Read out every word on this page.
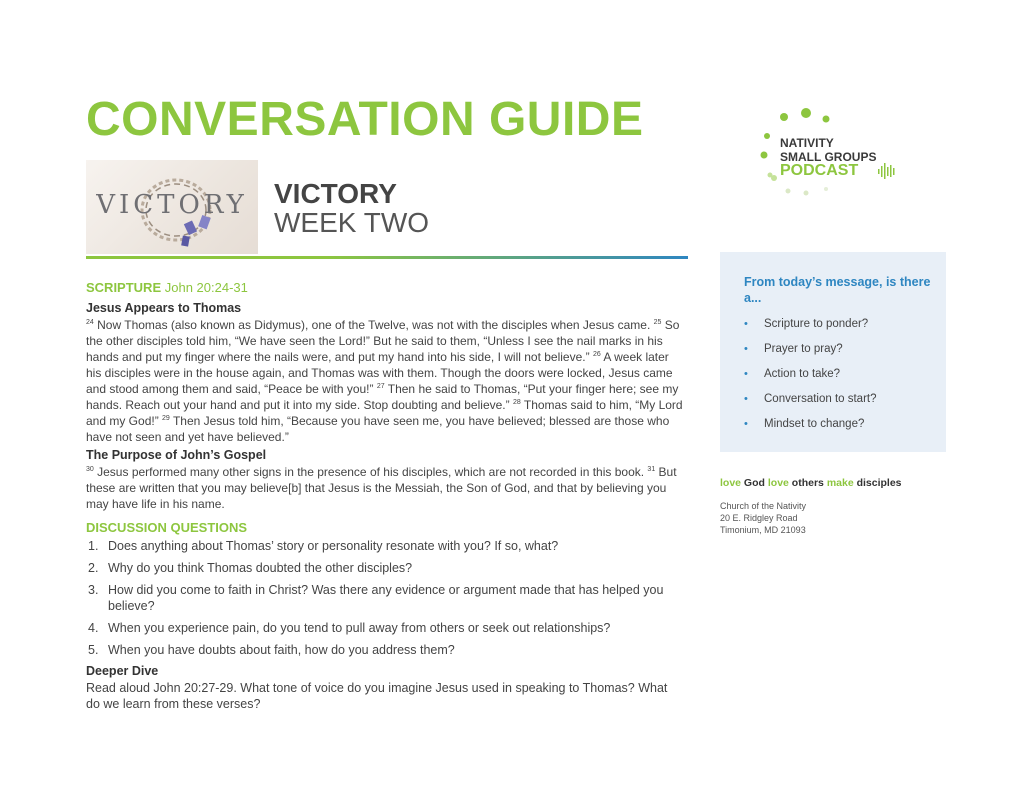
CONVERSATION GUIDE
VICTORY VICTORY
WEEK TWO
NATIVITY
SMALL GROUPS
PODCAST
SCRIPTURE John 20:24-31
Jesus Appears to Thomas
$^{24}$ Now Thomas (also known as Didymus), one of the Twelve, was not with the disciples when Jesus came. $^{25}$ So the other disciples told him, “We have seen the Lord!” But he said to them, “Unless I see the nail marks in his hands and put my finger where the nails were, and put my hand into his side, I will not believe.” $^{26}$ A week later his disciples were in the house again, and Thomas was with them. Though the doors were locked, Jesus came and stood among them and said, “Peace be with you!” $^{27}$ Then he said to Thomas, “Put your finger here; see my hands. Reach out your hand and put it into my side. Stop doubting and believe.” $^{28}$ Thomas said to him, “My Lord and my God!” $^{29}$ Then Jesus told him, “Because you have seen me, you have believed; blessed are those who have not seen and yet have believed.”
The Purpose of John’s Gospel
$^{30}$ Jesus performed many other signs in the presence of his disciples, which are not recorded in this book. $^{31}$ But these are written that you may believe[b] that Jesus is the Messiah, the Son of God, and that by believing you may have life in his name.
DISCUSSION QUESTIONS
1. Does anything about Thomas’ story or personality resonate with you? If so, what?
2. Why do you think Thomas doubted the other disciples?
3. How did you come to faith in Christ? Was there any evidence or argument made that has helped you believe?
4. When you experience pain, do you tend to pull away from others or seek out relationships?
5. When you have doubts about faith, how do you address them?
Deeper Dive
Read aloud John 20:27-29. What tone of voice do you imagine Jesus used in speaking to Thomas? What do we learn from these verses?
From today’s message, is there a...
• Scripture to ponder?
• Prayer to pray?
• Action to take?
• Conversation to start?
• Mindset to change?
love God love others make disciples
Church of the Nativity
20 E. Ridgley Road
Timonium, MD 21093
